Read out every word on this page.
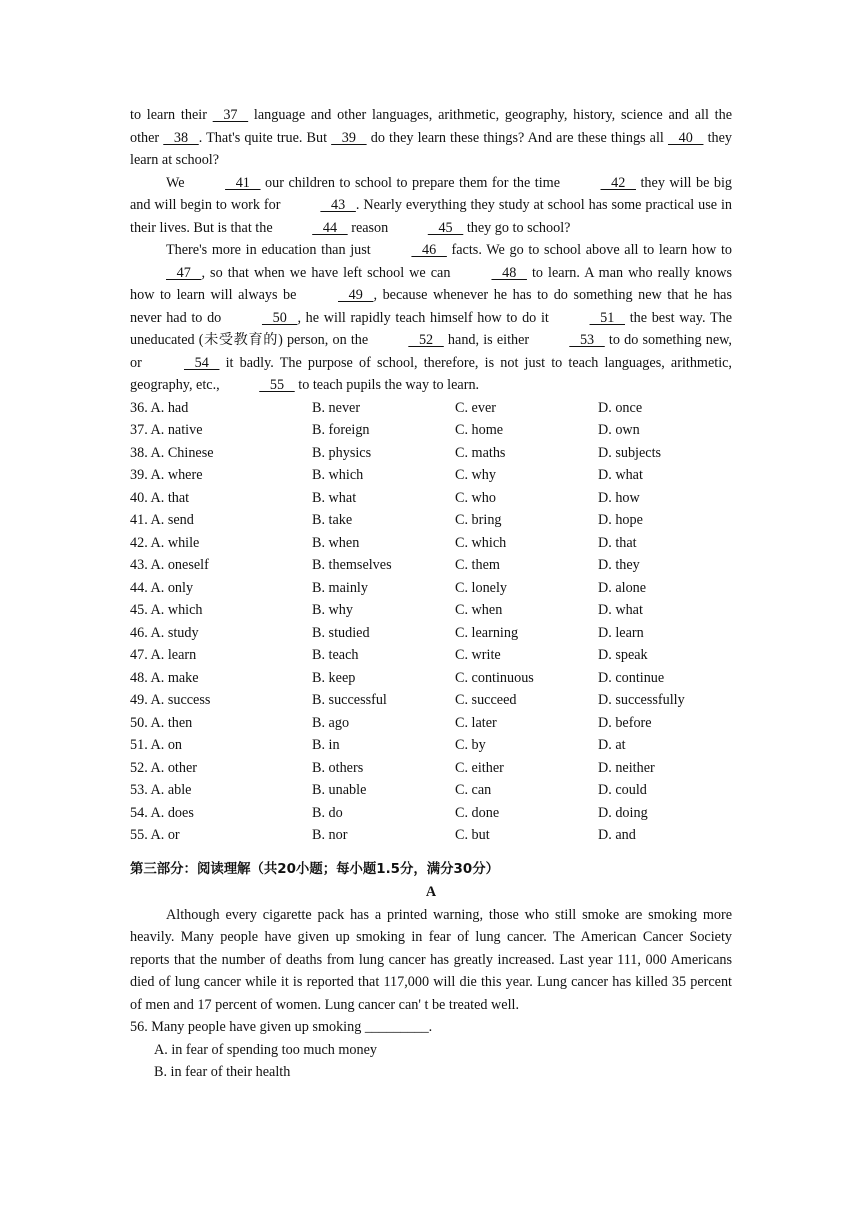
to learn their    37    language and other languages, arithmetic, geography, history, science and all the other    38   . That's quite true. But    39    do they learn these things? And are these things all    40    they learn at school?

We	41    our children to school to prepare them for the time	42    they will be big and will begin to work for	43   . Nearly everything they study at school has some practical use in their lives. But is that the	44    reason	45    they go to school?

There's more in education than just	46    facts. We go to school above all to learn how to    47   , so that when we have left school we can	48    to learn. A man who really knows how to learn will always be	49   , because whenever he has to do something new that he has never had to do	50   , he will rapidly teach himself how to do it	51    the best way. The uneducated (未受教育的) person, on the	52    hand, is either	53    to do something new, or	54    it badly. The purpose of school, therefore, is not just to teach languages, arithmetic, geography, etc.,	55    to teach pupils the way to learn.

36. A. had	B. never	C. ever	D. once
37. A. native	B. foreign	C. home	D. own
38. A. Chinese	B. physics	C. maths	D. subjects
39. A. where	B. which	C. why	D. what
40. A. that	B. what	C. who	D. how
41. A. send	B. take	C. bring	D. hope
42. A. while	B. when	C. which	D. that
43. A. oneself	B. themselves	C. them	D. they
44. A. only	B. mainly	C. lonely	D. alone
45. A. which	B. why	C. when	D. what
46. A. study	B. studied	C. learning	D. learn
47. A. learn	B. teach	C. write	D. speak
48. A. make	B. keep	C. continuous	D. continue
49. A. success	B. successful	C. succeed	D. successfully
50. A. then	B. ago	C. later	D. before
51. A. on	B. in	C. by	D. at
52. A. other	B. others	C. either	D. neither
53. A. able	B. unable	C. can	D. could
54. A. does	B. do	C. done	D. doing
55. A. or	B. nor	C. but	D. and
第三部分：阅读理解（共20小题；每小题1.5分，满分30分）

A

Although every cigarette pack has a printed warning, those who still smoke are smoking more heavily. Many people have given up smoking in fear of lung cancer. The American Cancer Society reports that the number of deaths from lung cancer has greatly increased. Last year 111, 000 Americans died of lung cancer while it is reported that 117,000 will die this year. Lung cancer has killed 35 percent of men and 17 percent of women. Lung cancer can' t be treated well.

56. Many people have given up smoking _________.

A. in fear of spending too much money

B. in fear of their health
